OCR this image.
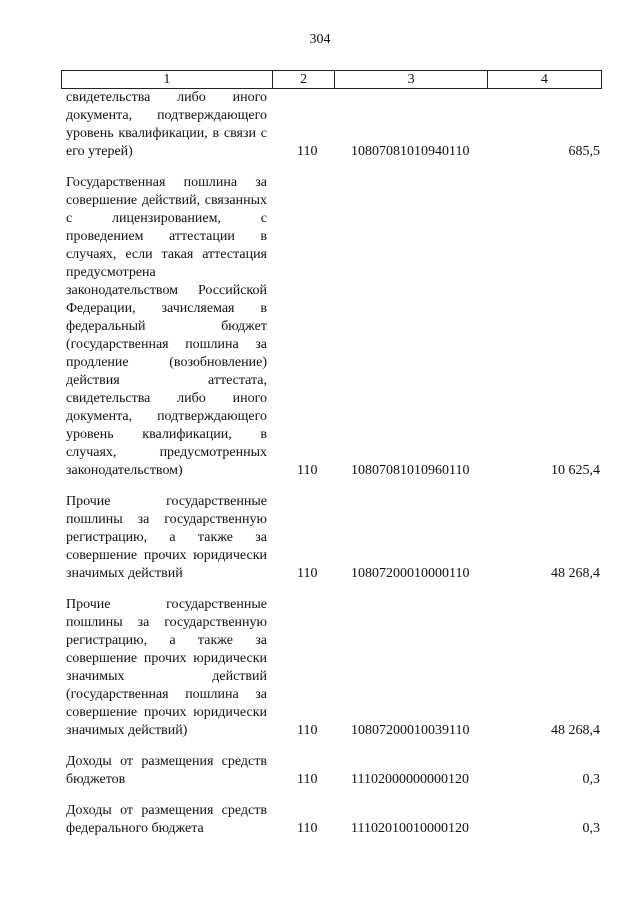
304
1	2	3	4
свидетельства либо иного документа, подтверждающего уровень квалификации, в связи с его утерей)	110 10807081010940110	685,5
Государственная пошлина за совершение действий, связанных с лицензированием, с проведением аттестации в случаях, если такая аттестация предусмотрена законодательством Российской Федерации, зачисляемая в федеральный бюджет (государственная пошлина за продление (возобновление) действия аттестата, свидетельства либо иного документа, подтверждающего уровень квалификации, в случаях, предусмотренных законодательством)	110 10807081010960110	10 625,4
Прочие государственные пошлины за государственную регистрацию, а также за совершение прочих юридически значимых действий	110 10807200010000110	48 268,4
Прочие государственные пошлины за государственную регистрацию, а также за совершение прочих юридически значимых действий (государственная пошлина за совершение прочих юридически значимых действий)	110 10807200010039110	48 268,4
Доходы от размещения средств бюджетов	110 11102000000000120	0,3
Доходы от размещения средств федерального бюджета	110 11102010010000120	0,3
